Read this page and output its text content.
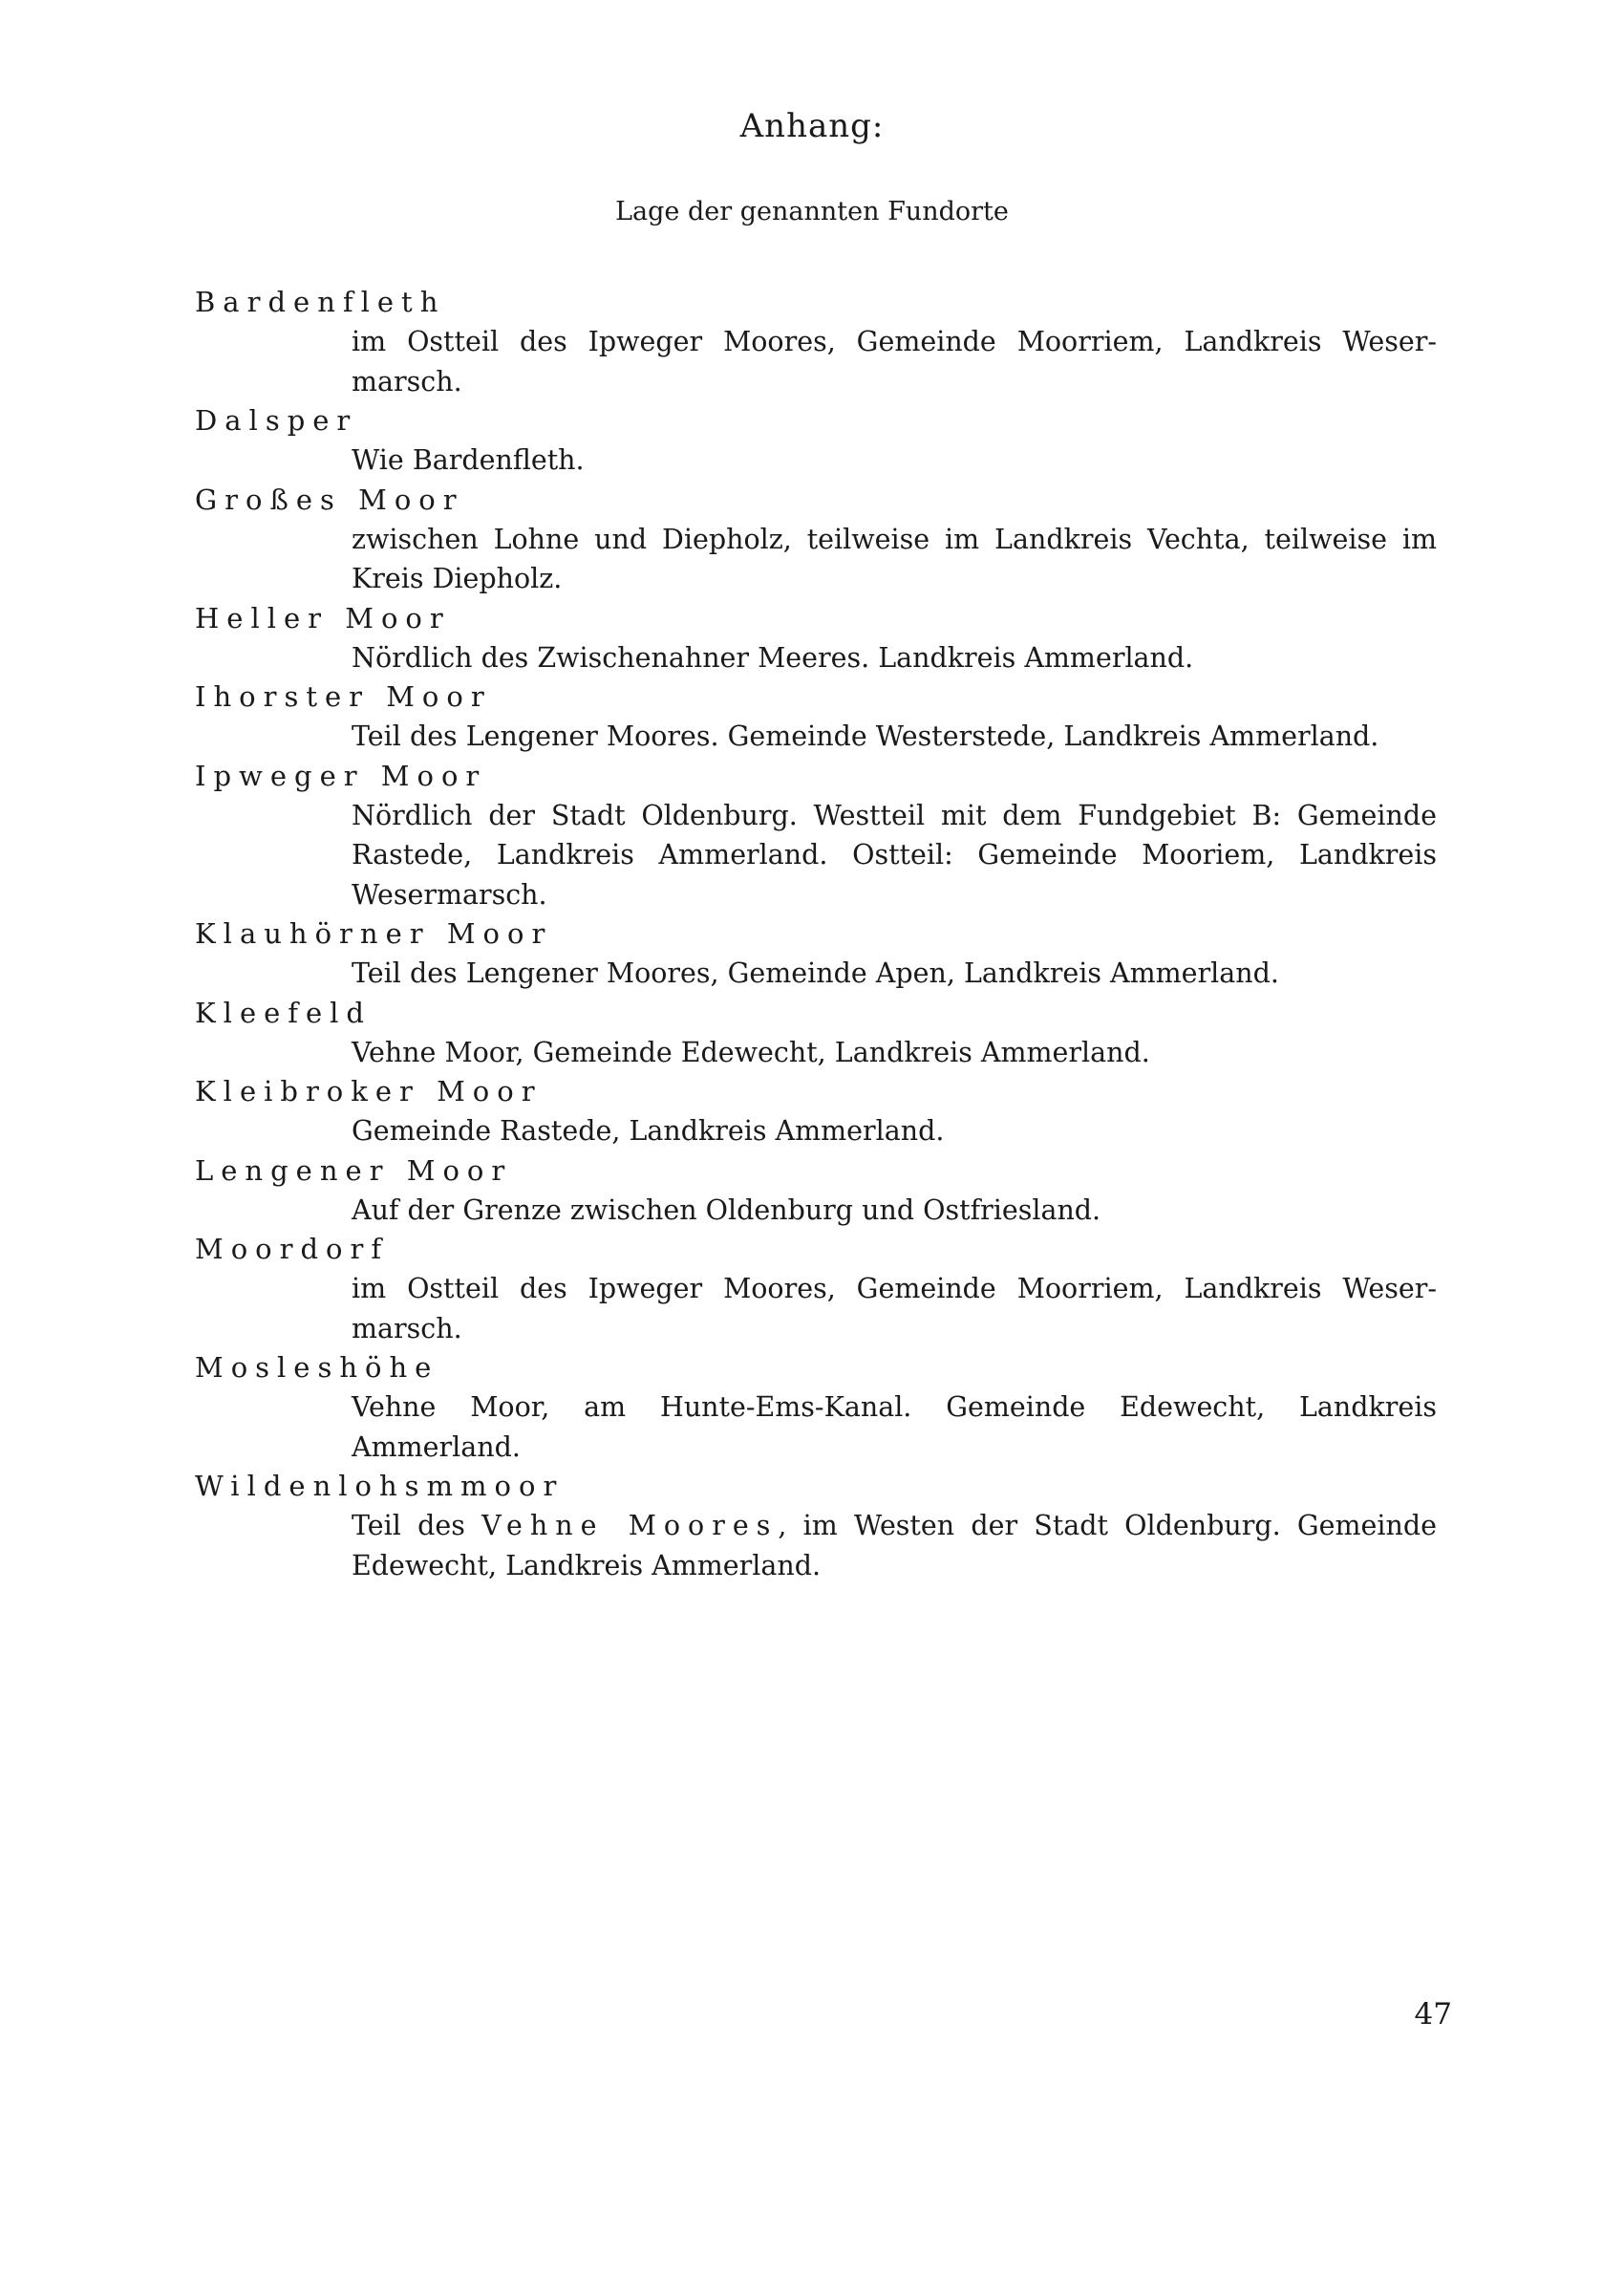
Anhang:
Lage der genannten Fundorte
Bardenfleth
im Ostteil des Ipweger Moores, Gemeinde Moorriem, Landkreis Wesermarsch.
Dalsper
Wie Bardenfleth.
Großes Moor
zwischen Lohne und Diepholz, teilweise im Landkreis Vechta, teilweise im Kreis Diepholz.
Heller Moor
Nördlich des Zwischenahner Meeres. Landkreis Ammerland.
Ihorster Moor
Teil des Lengener Moores. Gemeinde Westerstede, Landkreis Ammerland.
Ipweger Moor
Nördlich der Stadt Oldenburg. Westteil mit dem Fundgebiet B: Gemeinde Rastede, Landkreis Ammerland. Ostteil: Gemeinde Mooriem, Landkreis Wesermarsch.
Klauhörner Moor
Teil des Lengener Moores, Gemeinde Apen, Landkreis Ammerland.
Kleefeld
Vehne Moor, Gemeinde Edewecht, Landkreis Ammerland.
Kleibroker Moor
Gemeinde Rastede, Landkreis Ammerland.
Lengener Moor
Auf der Grenze zwischen Oldenburg und Ostfriesland.
Moordorf
im Ostteil des Ipweger Moores, Gemeinde Moorriem, Landkreis Wesermarsch.
Mosleshöhe
Vehne Moor, am Hunte-Ems-Kanal. Gemeinde Edewecht, Landkreis Ammerland.
Wildenlohsmmoor
Teil des Vehne Moores, im Westen der Stadt Oldenburg. Gemeinde Edewecht, Landkreis Ammerland.
47
